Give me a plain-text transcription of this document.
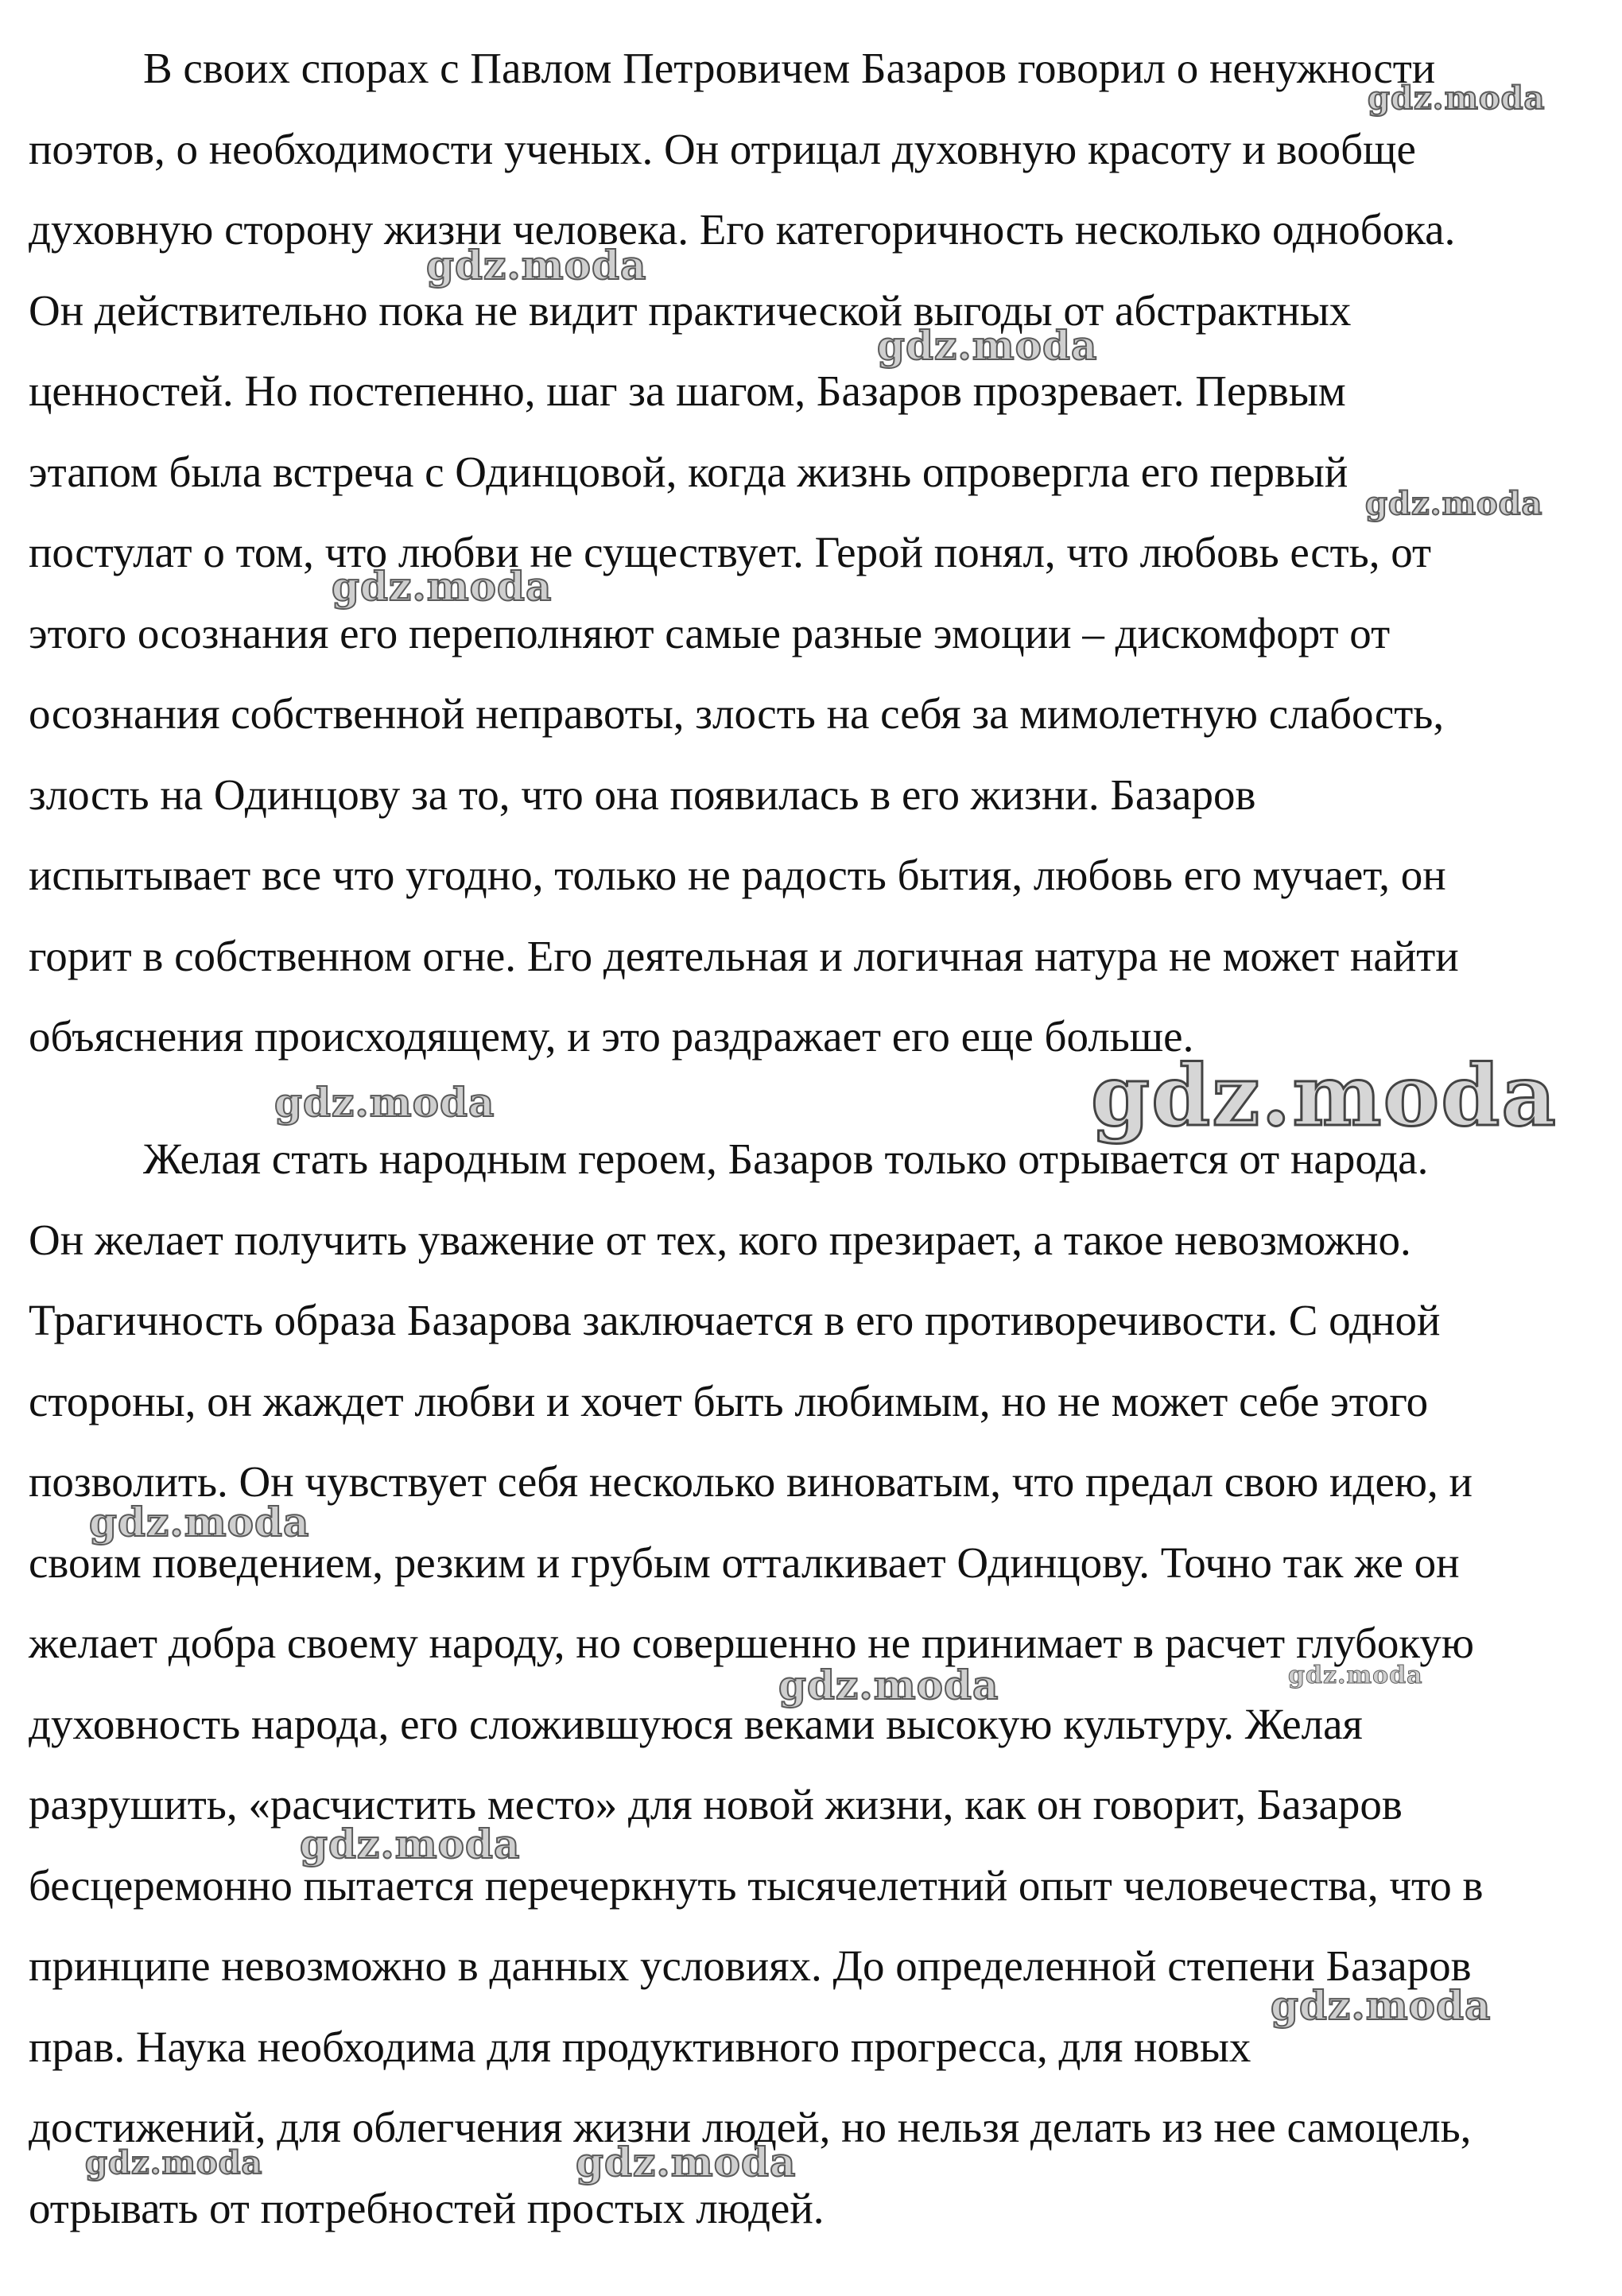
В своих спорах с Павлом Петровичем Базаров говорил о ненужности
поэтов, о необходимости ученых. Он отрицал духовную красоту и вообще
духовную сторону жизни человека. Его категоричность несколько однобока.
Он действительно пока не видит практической выгоды от абстрактных
ценностей. Но постепенно, шаг за шагом, Базаров прозревает. Первым
этапом была встреча с Одинцовой, когда жизнь опровергла его первый
постулат о том, что любви не существует. Герой понял, что любовь есть, от
этого осознания его переполняют самые разные эмоции – дискомфорт от
осознания собственной неправоты, злость на себя за мимолетную слабость,
злость на Одинцову за то, что она появилась в его жизни. Базаров
испытывает все что угодно, только не радость бытия, любовь его мучает, он
горит в собственном огне. Его деятельная и логичная натура не может найти
объяснения происходящему, и это раздражает его еще больше.
Желая стать народным героем, Базаров только отрывается от народа.
Он желает получить уважение от тех, кого презирает, а такое невозможно.
Трагичность образа Базарова заключается в его противоречивости. С одной
стороны, он жаждет любви и хочет быть любимым, но не может себе этого
позволить. Он чувствует себя несколько виноватым, что предал свою идею, и
своим поведением, резким и грубым отталкивает Одинцову. Точно так же он
желает добра своему народу, но совершенно не принимает в расчет глубокую
духовность народа, его сложившуюся веками высокую культуру. Желая
разрушить, «расчистить место» для новой жизни, как он говорит, Базаров
бесцеремонно пытается перечеркнуть тысячелетний опыт человечества, что в
принципе невозможно в данных условиях. До определенной степени Базаров
прав. Наука необходима для продуктивного прогресса, для новых
достижений, для облегчения жизни людей, но нельзя делать из нее самоцель,
отрывать от потребностей простых людей.
gdz.moda
gdz.moda
gdz.moda
gdz.moda
gdz.moda
gdz.moda	gdz.moda
gdz.moda
gdz.moda	gdz.moda
gdz.moda
gdz.moda
gdz.moda	gdz.moda
